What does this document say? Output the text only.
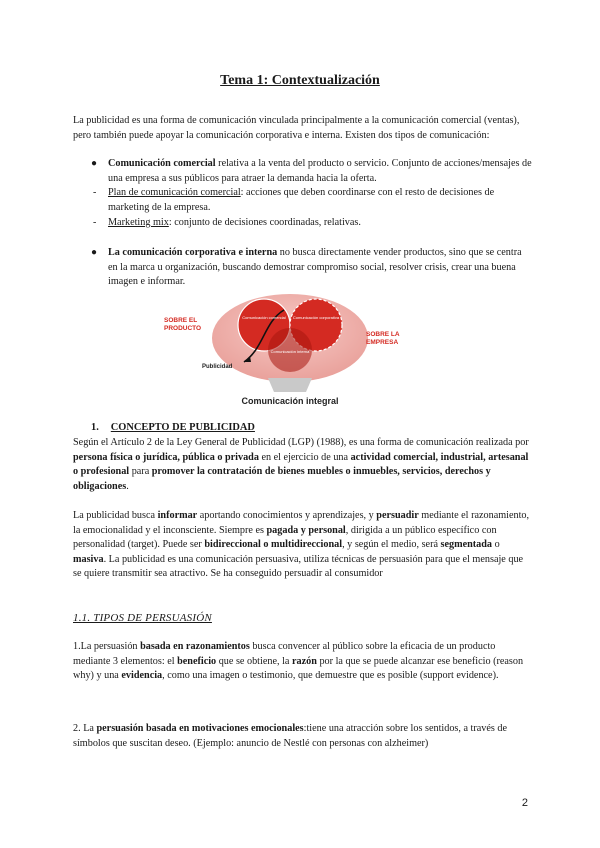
Tema 1: Contextualización
La publicidad es una forma de comunicación vinculada principalmente a la comunicación comercial (ventas), pero también puede apoyar la comunicación corporativa e interna. Existen dos tipos de comunicación:
● Comunicación comercial relativa a la venta del producto o servicio. Conjunto de acciones/mensajes de una empresa a sus públicos para atraer la demanda hacia la oferta.
- Plan de comunicación comercial: acciones que deben coordinarse con el resto de decisiones de marketing de la empresa.
- Marketing mix: conjunto de decisiones coordinadas, relativas.
● La comunicación corporativa e interna no busca directamente vender productos, sino que se centra en la marca u organización, buscando demostrar compromiso social, resolver crisis, crear una buena imagen e informar.
Comunicación comercial Comunicación corporativa
Comunicación interna
SOBRE EL
PRODUCTO
SOBRE LA
EMPRESA
Publicidad
Comunicación integral
1. CONCEPTO DE PUBLICIDAD
Según el Artículo 2 de la Ley General de Publicidad (LGP) (1988), es una forma de comunicación realizada por persona física o jurídica, pública o privada en el ejercicio de una actividad comercial, industrial, artesanal o profesional para promover la contratación de bienes muebles o inmuebles, servicios, derechos y obligaciones.
La publicidad busca informar aportando conocimientos y aprendizajes, y persuadir mediante el razonamiento, la emocionalidad y el inconsciente. Siempre es pagada y personal, dirigida a un público específico con personalidad (target). Puede ser bidireccional o multidireccional, y según el medio, será segmentada o masiva. La publicidad es una comunicación persuasiva, utiliza técnicas de persuasión para que el mensaje que se quiere transmitir sea atractivo. Se ha conseguido persuadir al consumidor
1.1. TIPOS DE PERSUASIÓN
1.La persuasión basada en razonamientos busca convencer al público sobre la eficacia de un producto mediante 3 elementos: el beneficio que se obtiene, la razón por la que se puede alcanzar ese beneficio (reason why) y una evidencia, como una imagen o testimonio, que demuestre que es posible (support evidence).
2. La persuasión basada en motivaciones emocionales:tiene una atracción sobre los sentidos, a través de símbolos que suscitan deseo. (Ejemplo: anuncio de Nestlé con personas con alzheimer)
2
